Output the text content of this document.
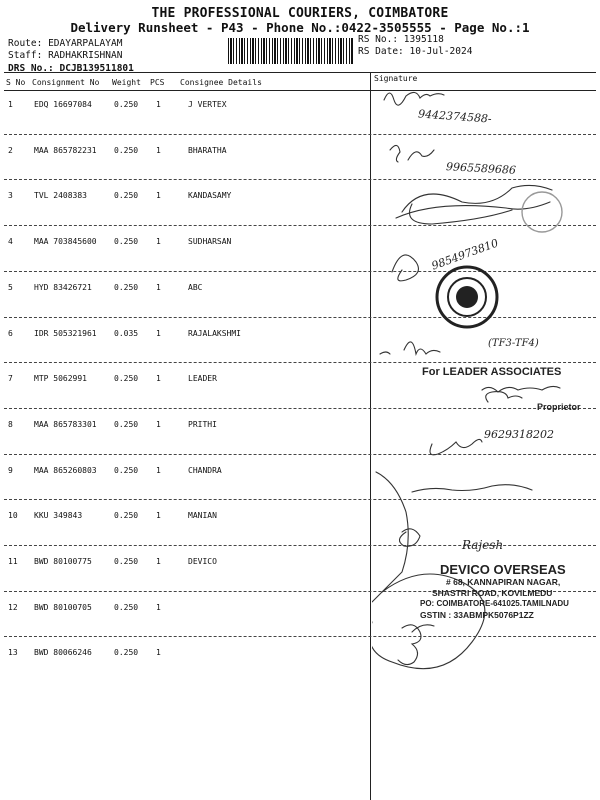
THE PROFESSIONAL COURIERS, COIMBATORE
Delivery Runsheet - P43 - Phone No.:0422-3505555 - Page No.:1
Route: EDAYARPALAYAM
Staff: RADHAKRISHNAN
DRS No.: DCJB139511801
RS No.: 1395118
RS Date: 10-Jul-2024
S No Consignment No Weight PCS Consignee Details	Signature
1	EDQ 16697084	0.250 1	J VERTEX
2	MAA 865782231 0.250 1	BHARATHA
3	TVL 2408383	0.250 1	KANDASAMY
4	MAA 703845600 0.250 1	SUDHARSAN
5	HYD 83426721	0.250 1	ABC
6	IDR 505321961 0.035 1	RAJALAKSHMI
7	MTP 5062991	0.250 1	LEADER
8	MAA 865783301 0.250 1	PRITHI
9	MAA 865260803 0.250 1	CHANDRA
10 KKU 349843	0.250 1	MANIAN
11 BWD 80100775	0.250 1	DEVICO
12 BWD 80100705	0.250 1
13 BWD 80066246	0.250 1
9442374588-
9965589686
9854973810
(TF3-TF4)
For LEADER ASSOCIATES
Proprietor
9629318202
Rajesh
DEVICO OVERSEAS
# 68, KANNAPIRAN NAGAR,
SHASTRI ROAD, KOVILMEDU
PO: COIMBATORE-641025.TAMILNADU
GSTIN : 33ABMPK5076P1ZZ
